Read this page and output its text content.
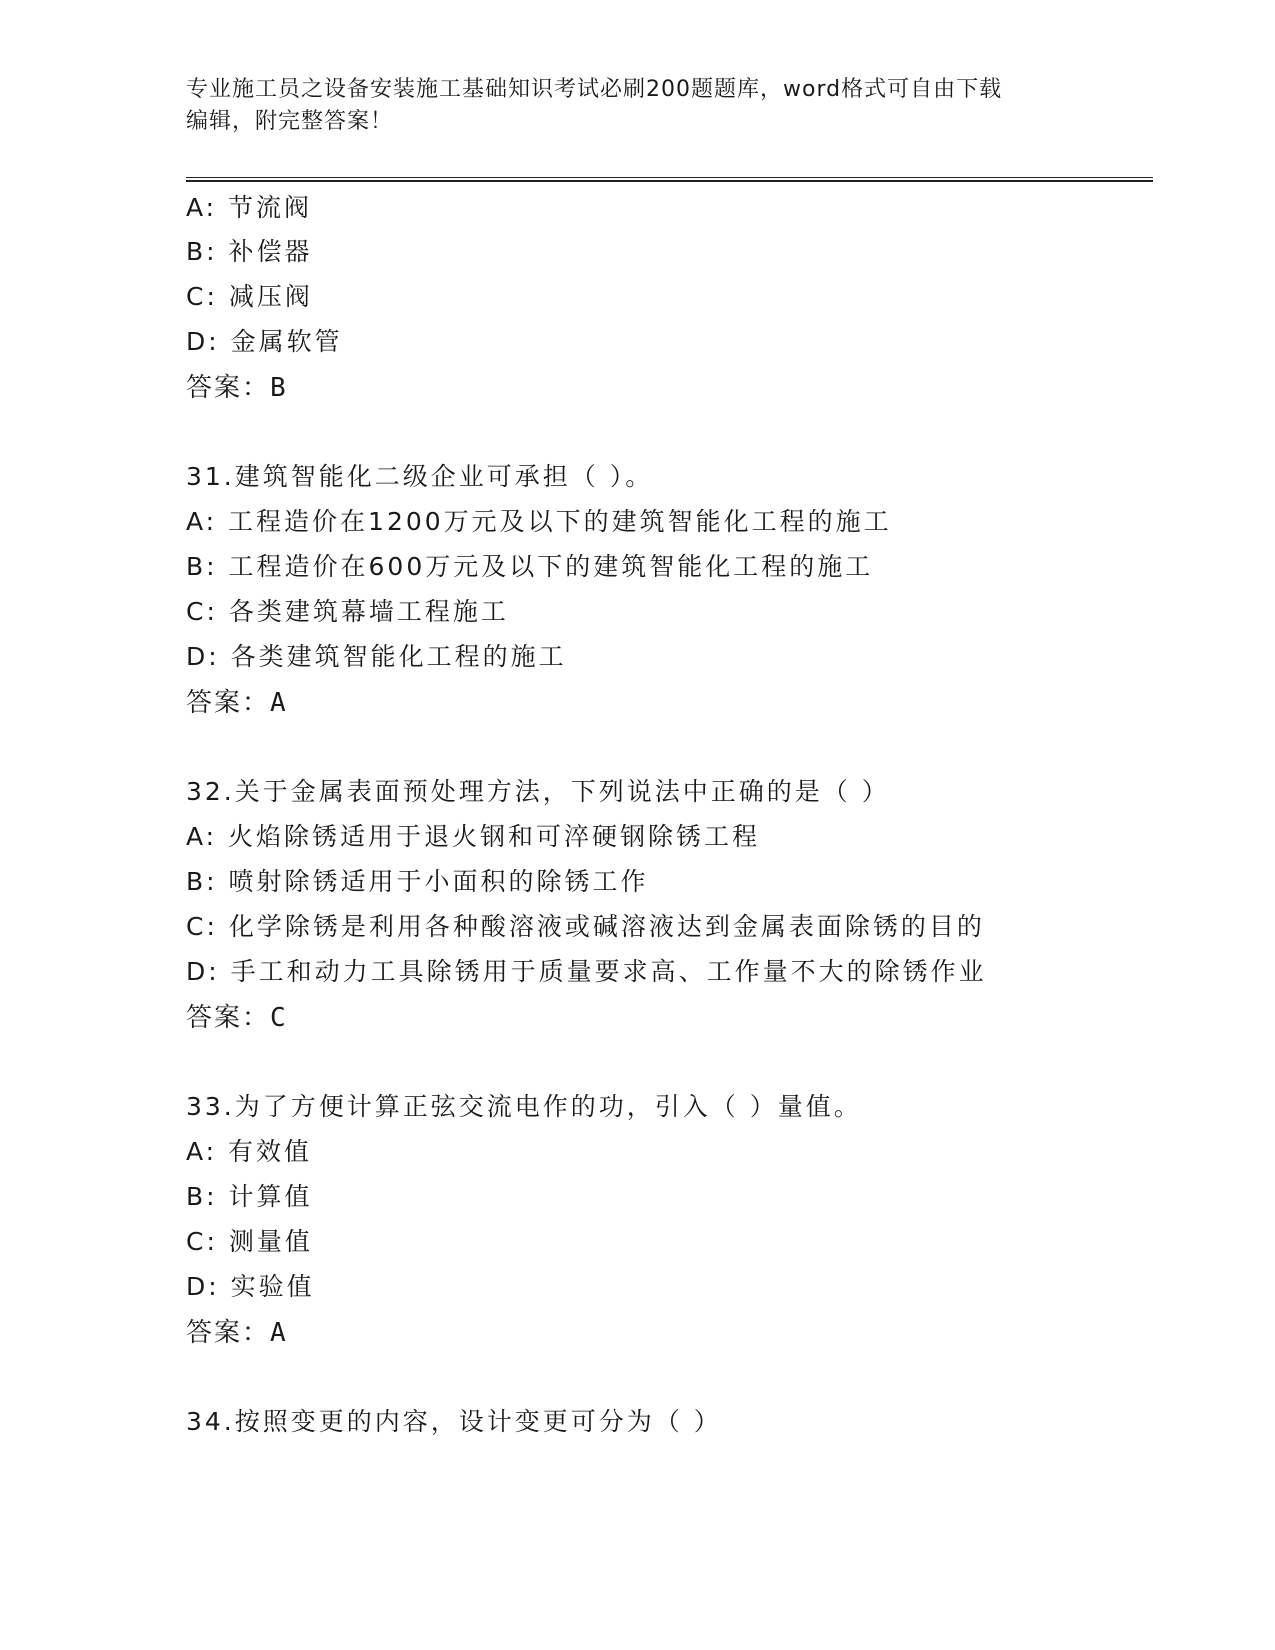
专业施工员之设备安装施工基础知识考试必刷200题题库，word格式可自由下载
编辑，附完整答案！
A: 节流阀
B: 补偿器
C: 减压阀
D: 金属软管
答案：B
31.建筑智能化二级企业可承担（ ）。
A: 工程造价在1200万元及以下的建筑智能化工程的施工
B: 工程造价在600万元及以下的建筑智能化工程的施工
C: 各类建筑幕墙工程施工
D: 各类建筑智能化工程的施工
答案：A
32.关于金属表面预处理方法，下列说法中正确的是（ ）
A: 火焰除锈适用于退火钢和可淬硬钢除锈工程
B: 喷射除锈适用于小面积的除锈工作
C: 化学除锈是利用各种酸溶液或碱溶液达到金属表面除锈的目的
D: 手工和动力工具除锈用于质量要求高、工作量不大的除锈作业
答案：C
33.为了方便计算正弦交流电作的功，引入（ ）量值。
A: 有效值
B: 计算值
C: 测量值
D: 实验值
答案：A
34.按照变更的内容，设计变更可分为（ ）
